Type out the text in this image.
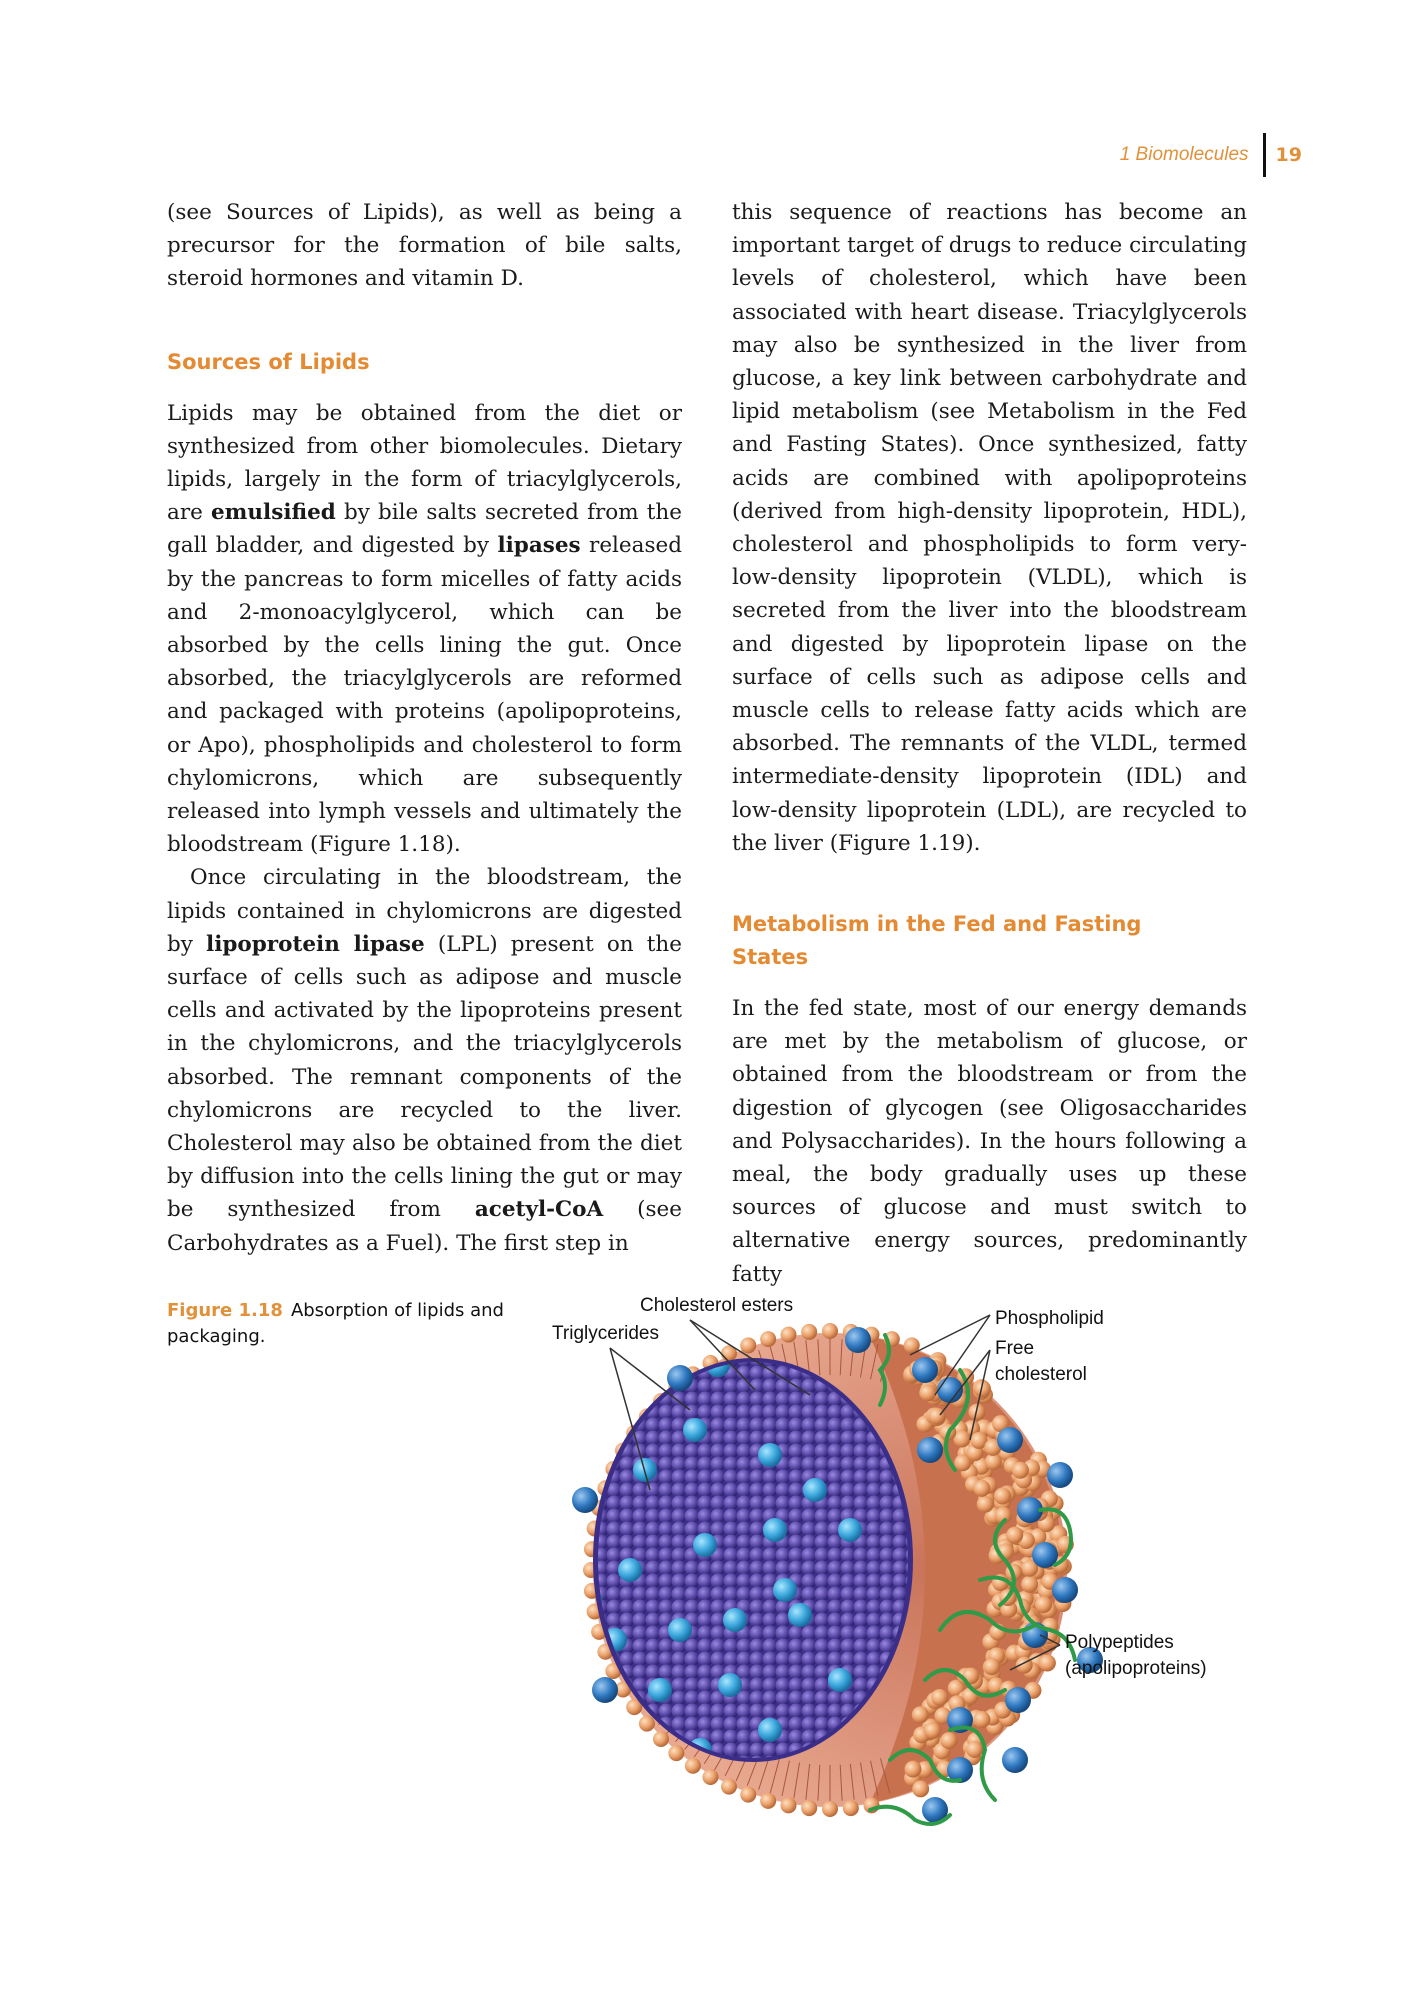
1 Biomolecules 19

(see Sources of Lipids), as well as being a precursor for the formation of bile salts, steroid hormones and vitamin D.

Sources of Lipids

Lipids may be obtained from the diet or synthesized from other biomolecules. Dietary lipids, largely in the form of triacylglycerols, are emulsified by bile salts secreted from the gall bladder, and digested by lipases released by the pancreas to form micelles of fatty acids and 2-monoacylglycerol, which can be absorbed by the cells lining the gut. Once absorbed, the triacylglycerols are reformed and packaged with proteins (apolipoproteins, or Apo), phospholipids and cholesterol to form chylomicrons, which are subsequently released into lymph vessels and ultimately the bloodstream (Figure 1.18).

Once circulating in the bloodstream, the lipids contained in chylomicrons are digested by lipoprotein lipase (LPL) present on the surface of cells such as adipose and muscle cells and activated by the lipoproteins present in the chylomicrons, and the triacylglycerols absorbed. The remnant components of the chylomicrons are recycled to the liver. Cholesterol may also be obtained from the diet by diffusion into the cells lining the gut or may be synthesized from acetyl-CoA (see Carbohydrates as a Fuel). The first step in

this sequence of reactions has become an important target of drugs to reduce circulating levels of cholesterol, which have been associated with heart disease. Triacylglycerols may also be synthesized in the liver from glucose, a key link between carbohydrate and lipid metabolism (see Metabolism in the Fed and Fasting States). Once synthesized, fatty acids are combined with apolipoproteins (derived from high-density lipoprotein, HDL), cholesterol and phospholipids to form very-low-density lipoprotein (VLDL), which is secreted from the liver into the bloodstream and digested by lipoprotein lipase on the surface of cells such as adipose cells and muscle cells to release fatty acids which are absorbed. The remnants of the VLDL, termed intermediate-density lipoprotein (IDL) and low-density lipoprotein (LDL), are recycled to the liver (Figure 1.19).

Metabolism in the Fed and Fasting States

In the fed state, most of our energy demands are met by the metabolism of glucose, or obtained from the bloodstream or from the digestion of glycogen (see Oligosaccharides and Polysaccharides). In the hours following a meal, the body gradually uses up these sources of glucose and must switch to alternative energy sources, predominantly fatty

Figure 1.18 Absorption of lipids and packaging.
Cholesterol esters
Triglycerides
Phospholipid
Free
cholesterol
Polypeptides
(apolipoproteins)
